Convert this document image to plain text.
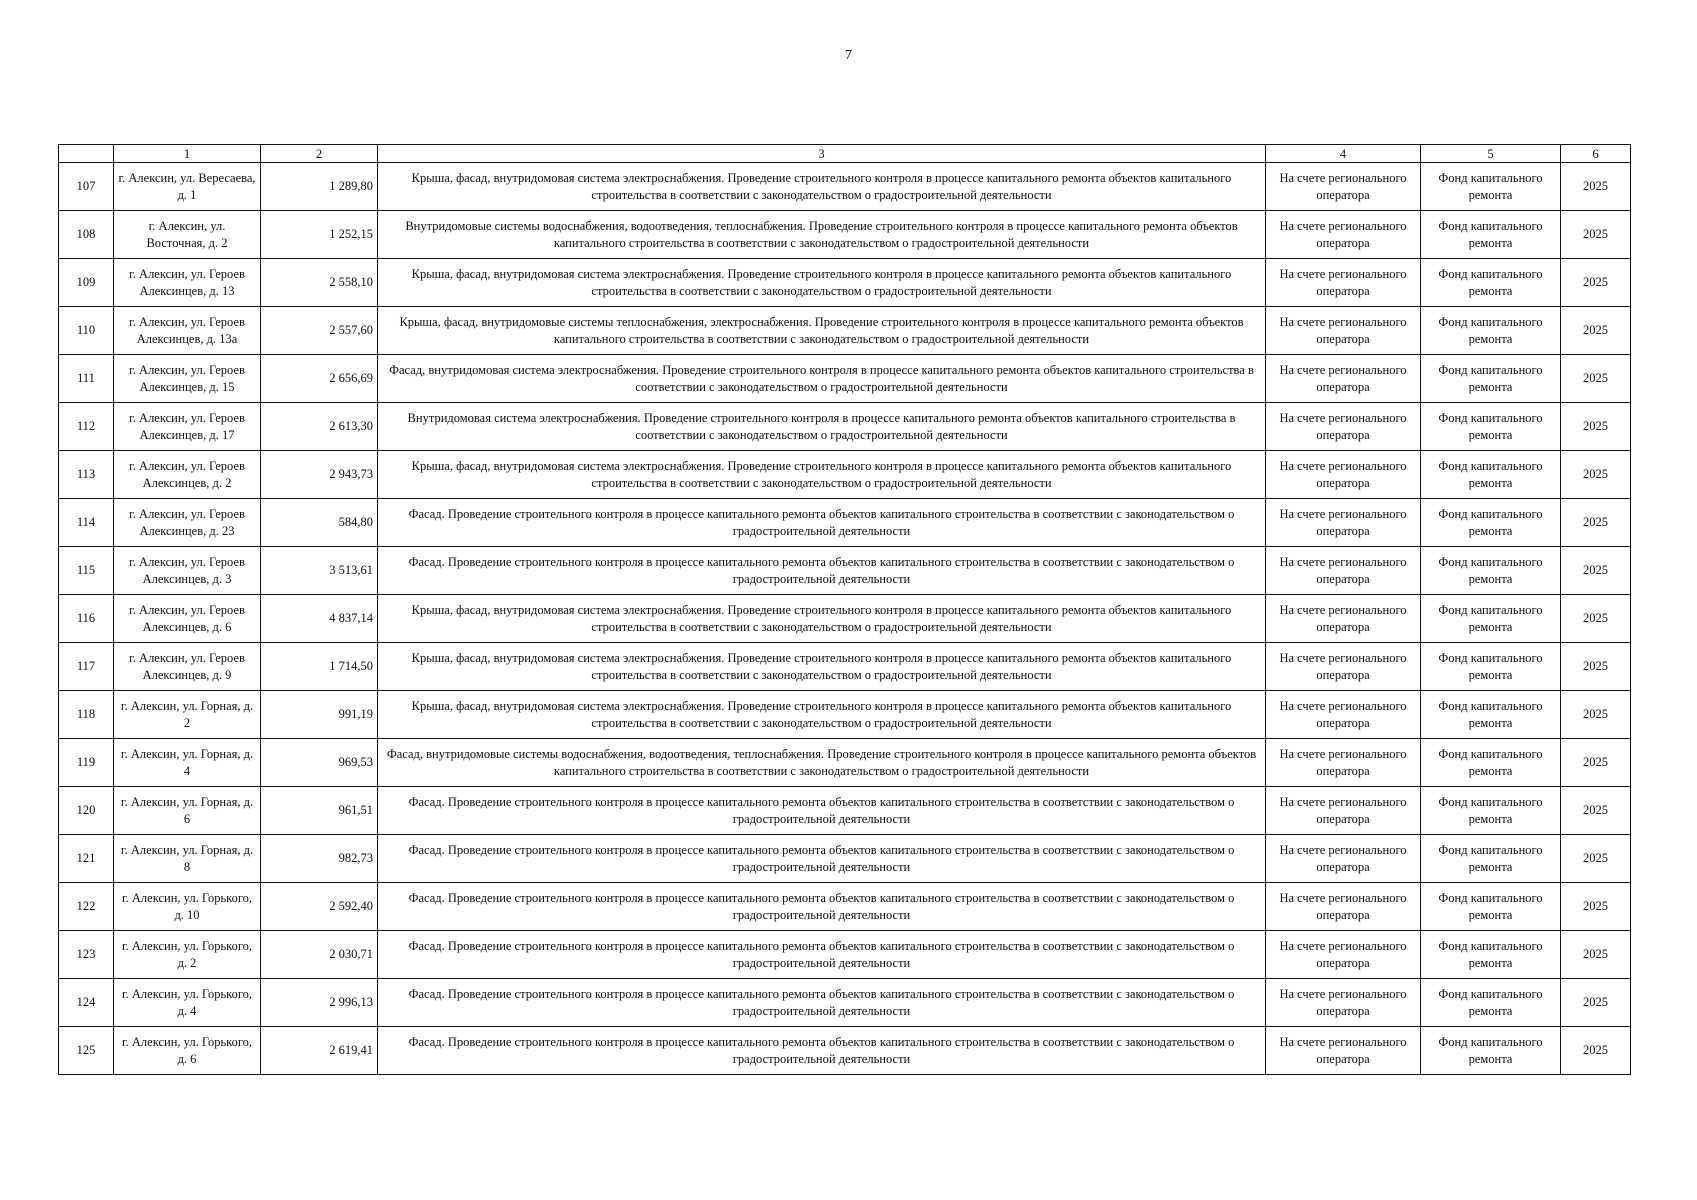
7
	1	2	3	4	5	6
107	г. Алексин, ул. Вересаева, д. 1	1 289,80	Крыша, фасад, внутридомовая система электроснабжения. Проведение строительного контроля в процессе капитального ремонта объектов капитального строительства в соответствии с законодательством о градостроительной деятельности	На счете регионального оператора	Фонд капитального ремонта	2025
108	г. Алексин, ул. Восточная, д. 2	1 252,15	Внутридомовые системы водоснабжения, водоотведения, теплоснабжения. Проведение строительного контроля в процессе капитального ремонта объектов капитального строительства в соответствии с законодательством о градостроительной деятельности	На счете регионального оператора	Фонд капитального ремонта	2025
109	г. Алексин, ул. Героев Алексинцев, д. 13	2 558,10	Крыша, фасад, внутридомовая система электроснабжения. Проведение строительного контроля в процессе капитального ремонта объектов капитального строительства в соответствии с законодательством о градостроительной деятельности	На счете регионального оператора	Фонд капитального ремонта	2025
110	г. Алексин, ул. Героев Алексинцев, д. 13а	2 557,60	Крыша, фасад, внутридомовые системы теплоснабжения, электроснабжения. Проведение строительного контроля в процессе капитального ремонта объектов капитального строительства в соответствии с законодательством о градостроительной деятельности	На счете регионального оператора	Фонд капитального ремонта	2025
111	г. Алексин, ул. Героев Алексинцев, д. 15	2 656,69	Фасад, внутридомовая система электроснабжения. Проведение строительного контроля в процессе капитального ремонта объектов капитального строительства в соответствии с законодательством о градостроительной деятельности	На счете регионального оператора	Фонд капитального ремонта	2025
112	г. Алексин, ул. Героев Алексинцев, д. 17	2 613,30	Внутридомовая система электроснабжения. Проведение строительного контроля в процессе капитального ремонта объектов капитального строительства в соответствии с законодательством о градостроительной деятельности	На счете регионального оператора	Фонд капитального ремонта	2025
113	г. Алексин, ул. Героев Алексинцев, д. 2	2 943,73	Крыша, фасад, внутридомовая система электроснабжения. Проведение строительного контроля в процессе капитального ремонта объектов капитального строительства в соответствии с законодательством о градостроительной деятельности	На счете регионального оператора	Фонд капитального ремонта	2025
114	г. Алексин, ул. Героев Алексинцев, д. 23	584,80	Фасад. Проведение строительного контроля в процессе капитального ремонта объектов капитального строительства в соответствии с законодательством о градостроительной деятельности	На счете регионального оператора	Фонд капитального ремонта	2025
115	г. Алексин, ул. Героев Алексинцев, д. 3	3 513,61	Фасад. Проведение строительного контроля в процессе капитального ремонта объектов капитального строительства в соответствии с законодательством о градостроительной деятельности	На счете регионального оператора	Фонд капитального ремонта	2025
116	г. Алексин, ул. Героев Алексинцев, д. 6	4 837,14	Крыша, фасад, внутридомовая система электроснабжения. Проведение строительного контроля в процессе капитального ремонта объектов капитального строительства в соответствии с законодательством о градостроительной деятельности	На счете регионального оператора	Фонд капитального ремонта	2025
117	г. Алексин, ул. Героев Алексинцев, д. 9	1 714,50	Крыша, фасад, внутридомовая система электроснабжения. Проведение строительного контроля в процессе капитального ремонта объектов капитального строительства в соответствии с законодательством о градостроительной деятельности	На счете регионального оператора	Фонд капитального ремонта	2025
118	г. Алексин, ул. Горная, д. 2	991,19	Крыша, фасад, внутридомовая система электроснабжения. Проведение строительного контроля в процессе капитального ремонта объектов капитального строительства в соответствии с законодательством о градостроительной деятельности	На счете регионального оператора	Фонд капитального ремонта	2025
119	г. Алексин, ул. Горная, д. 4	969,53	Фасад, внутридомовые системы водоснабжения, водоотведения, теплоснабжения. Проведение строительного контроля в процессе капитального ремонта объектов капитального строительства в соответствии с законодательством о градостроительной деятельности	На счете регионального оператора	Фонд капитального ремонта	2025
120	г. Алексин, ул. Горная, д. 6	961,51	Фасад. Проведение строительного контроля в процессе капитального ремонта объектов капитального строительства в соответствии с законодательством о градостроительной деятельности	На счете регионального оператора	Фонд капитального ремонта	2025
121	г. Алексин, ул. Горная, д. 8	982,73	Фасад. Проведение строительного контроля в процессе капитального ремонта объектов капитального строительства в соответствии с законодательством о градостроительной деятельности	На счете регионального оператора	Фонд капитального ремонта	2025
122	г. Алексин, ул. Горького, д. 10	2 592,40	Фасад. Проведение строительного контроля в процессе капитального ремонта объектов капитального строительства в соответствии с законодательством о градостроительной деятельности	На счете регионального оператора	Фонд капитального ремонта	2025
123	г. Алексин, ул. Горького, д. 2	2 030,71	Фасад. Проведение строительного контроля в процессе капитального ремонта объектов капитального строительства в соответствии с законодательством о градостроительной деятельности	На счете регионального оператора	Фонд капитального ремонта	2025
124	г. Алексин, ул. Горького, д. 4	2 996,13	Фасад. Проведение строительного контроля в процессе капитального ремонта объектов капитального строительства в соответствии с законодательством о градостроительной деятельности	На счете регионального оператора	Фонд капитального ремонта	2025
125	г. Алексин, ул. Горького, д. 6	2 619,41	Фасад. Проведение строительного контроля в процессе капитального ремонта объектов капитального строительства в соответствии с законодательством о градостроительной деятельности	На счете регионального оператора	Фонд капитального ремонта	2025
